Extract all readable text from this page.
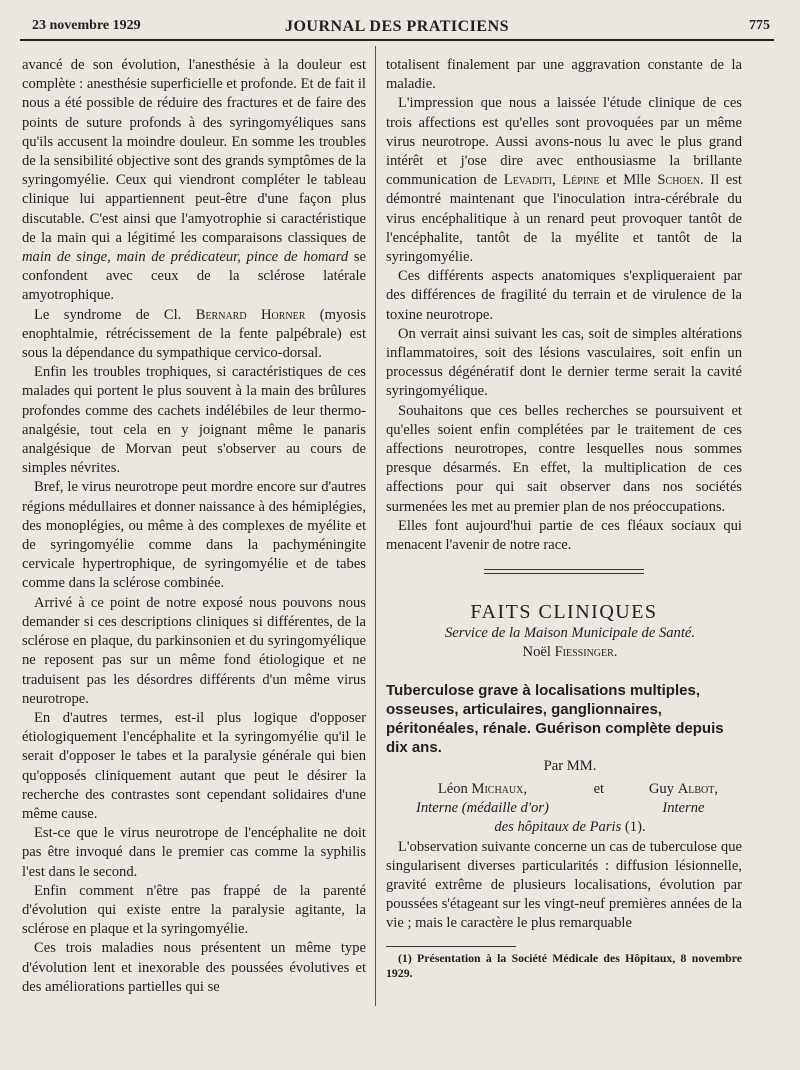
23 novembre 1929	JOURNAL DES PRATICIENS	775

avancé de son évolution, l'anesthésie à la douleur est complète : anesthésie superficielle et profonde. Et de fait il nous a été possible de réduire des fractures et de faire des points de suture profonds à des syringomyéliques sans qu'ils accusent la moindre douleur. En somme les troubles de la sensibilité objective sont des grands symptômes de la syringomyélie. Ceux qui viendront compléter le tableau clinique lui appartiennent peut-être d'une façon plus discutable. C'est ainsi que l'amyotrophie si caractéristique de la main qui a légitimé les comparaisons classiques de main de singe, main de prédicateur, pince de homard se confondent avec ceux de la sclérose latérale amyotrophique.

Le syndrome de Cl. Bernard Horner (myosis enophtalmie, rétrécissement de la fente palpébrale) est sous la dépendance du sympathique cervico-dorsal.

Enfin les troubles trophiques, si caractéristiques de ces malades qui portent le plus souvent à la main des brûlures profondes comme des cachets indélébiles de leur thermo-analgésie, tout cela en y joignant même le panaris analgésique de Morvan peut s'observer au cours de simples névrites.

Bref, le virus neurotrope peut mordre encore sur d'autres régions médullaires et donner naissance à des hémiplégies, des monoplégies, ou même à des complexes de myélite et de syringomyélie comme dans la pachyméningite cervicale hypertrophique, de syringomyélie et de tabes comme dans la sclérose combinée.

Arrivé à ce point de notre exposé nous pouvons nous demander si ces descriptions cliniques si différentes, de la sclérose en plaque, du parkinsonien et du syringomyélique ne reposent pas sur un même fond étiologique et ne traduisent pas les désordres différents d'un même virus neurotrope.

En d'autres termes, est-il plus logique d'opposer étiologiquement l'encéphalite et la syringomyélie qu'il le serait d'opposer le tabes et la paralysie générale qui bien qu'opposés cliniquement autant que peut le désirer la recherche des contrastes sont cependant solidaires d'une même cause.

Est-ce que le virus neurotrope de l'encéphalite ne doit pas être invoqué dans le premier cas comme la syphilis l'est dans le second.

Enfin comment n'être pas frappé de la parenté d'évolution qui existe entre la paralysie agitante, la sclérose en plaque et la syringomyélie.

Ces trois maladies nous présentent un même type d'évolution lent et inexorable des poussées évolutives et des améliorations partielles qui se

totalisent finalement par une aggravation constante de la maladie.

L'impression que nous a laissée l'étude clinique de ces trois affections est qu'elles sont provoquées par un même virus neurotrope. Aussi avons-nous lu avec le plus grand intérêt et j'ose dire avec enthousiasme la brillante communication de Levaditi, Lépine et Mlle Schoen. Il est démontré maintenant que l'inoculation intra-cérébrale du virus encéphalitique à un renard peut provoquer tantôt de l'encéphalite, tantôt de la myélite et tantôt de la syringomyélie.

Ces différents aspects anatomiques s'expliqueraient par des différences de fragilité du terrain et de virulence de la toxine neurotrope.

On verrait ainsi suivant les cas, soit de simples altérations inflammatoires, soit des lésions vasculaires, soit enfin un processus dégénératif dont le dernier terme serait la cavité syringomyélique.

Souhaitons que ces belles recherches se poursuivent et qu'elles soient enfin complétées par le traitement de ces affections neurotropes, contre lesquelles nous sommes presque désarmés. En effet, la multiplication de ces affections pour qui sait observer dans nos sociétés surmenées les met au premier plan de nos préoccupations.

Elles font aujourd'hui partie de ces fléaux sociaux qui menacent l'avenir de notre race.

FAITS CLINIQUES

Service de la Maison Municipale de Santé.

Noël Fiessinger.

Tuberculose grave à localisations multiples, osseuses, articulaires, ganglionnaires, péritonéales, rénale. Guérison complète depuis dix ans.

Par MM.

Léon Michaux,
Interne (médaille d'or)
et	Guy Albot,
Interne

des hôpitaux de Paris (1).

L'observation suivante concerne un cas de tuberculose que singularisent diverses particularités : diffusion lésionnelle, gravité extrême de plusieurs localisations, évolution par poussées s'étageant sur les vingt-neuf premières années de la vie ; mais le caractère le plus remarquable

(1) Présentation à la Société Médicale des Hôpitaux, 8 novembre 1929.
